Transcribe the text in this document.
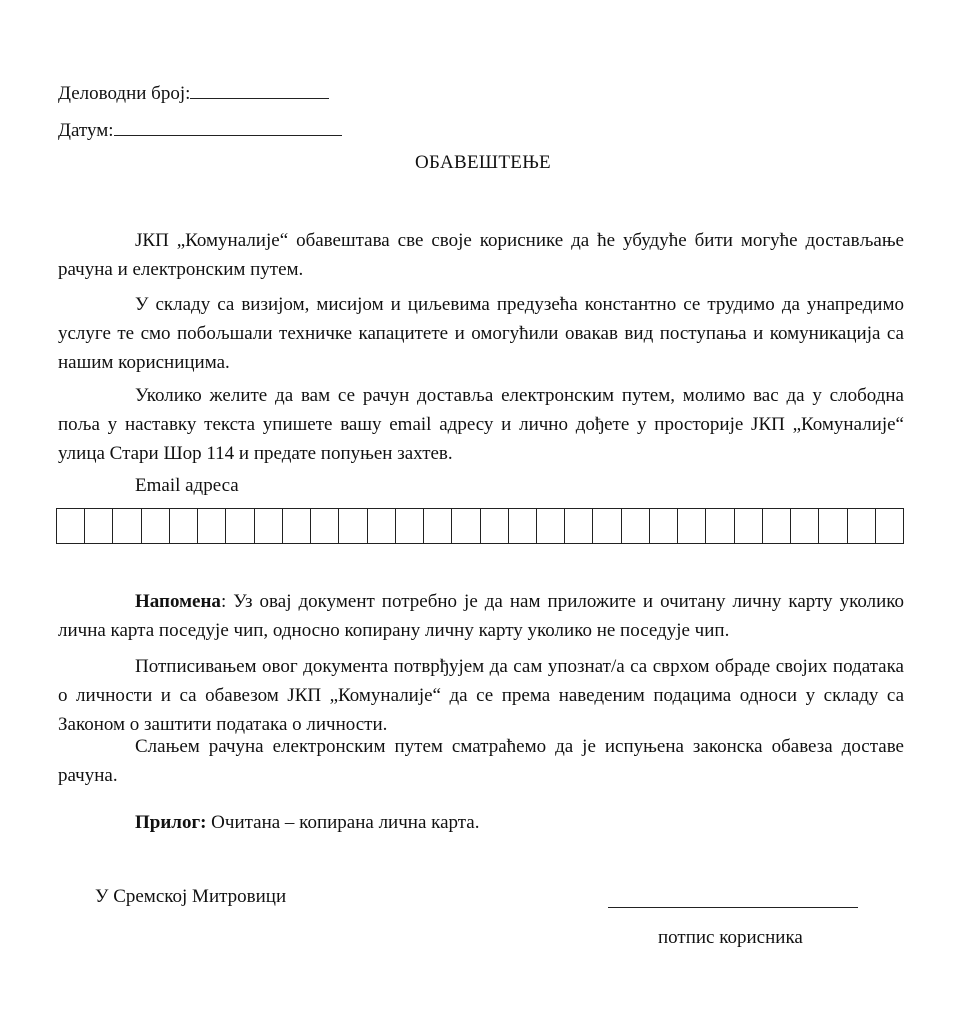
Деловодни број:
Датум:
ОБАВЕШТЕЊЕ
ЈКП „Комуналије“ обавештава све своје кориснике да ће убудуће бити могуће достављање рачуна и електронским путем.
У складу са визијом, мисијом и циљевима предузећа константно се трудимо да унапредимо услуге те смо побољшали техничке капацитете и омогућили овакав вид поступања и комуникација са нашим корисницима.
Уколико желите да вам се рачун доставља електронским путем, молимо вас да у слободна поља у наставку текста упишете вашу email адресу и лично дођете у просторије ЈКП „Комуналије“ улица Стари Шор 114 и предате попуњен захтев.
Email адреса
Напомена: Уз овај документ потребно је да нам приложите и очитану личну карту уколико лична карта поседује чип, односно копирану личну карту уколико не поседује чип.
Потписивањем овог документа потврђујем да сам упознат/а са сврхом обраде својих података о личности и са обавезом ЈКП „Комуналије“ да се према наведеним подацима односи у складу са Законом о заштити података о личности.
Слањем рачуна електронским путем сматраћемо да је испуњена законска обавеза доставе рачуна.
Прилог: Очитана – копирана лична карта.
У Сремској Митровици
потпис корисника
